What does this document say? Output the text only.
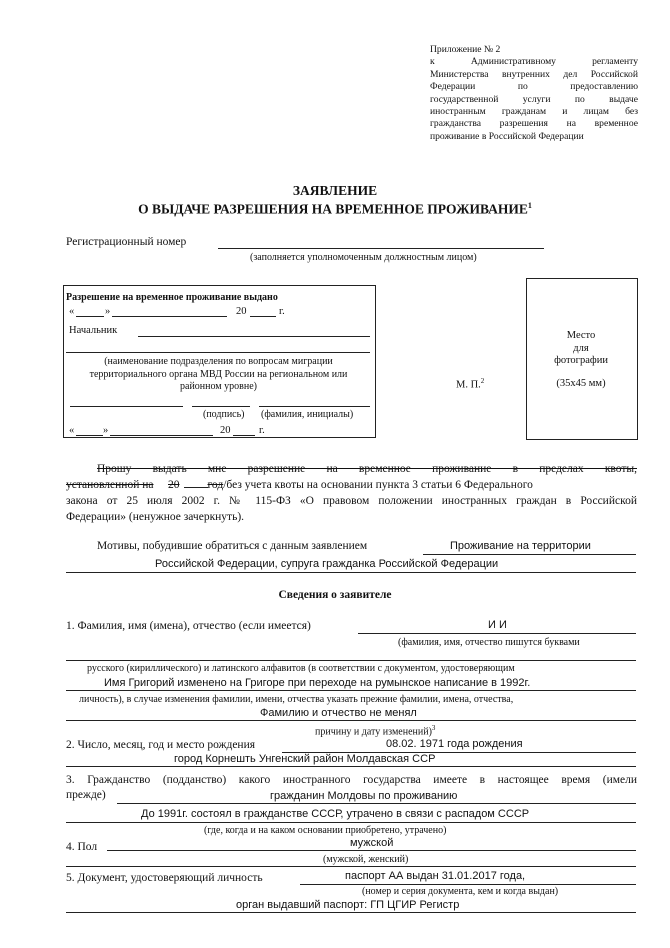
Приложение № 2
к Административному регламенту
Министерства внутренних дел Российской
Федерации по предоставлению
государственной услуги по выдаче
иностранным гражданам и лицам без
гражданства разрешения на временное
проживание в Российской Федерации
ЗАЯВЛЕНИЕ
О ВЫДАЧЕ РАЗРЕШЕНИЯ НА ВРЕМЕННОЕ ПРОЖИВАНИЕ$^1$
Регистрационный номер
(заполняется уполномоченным должностным лицом)
Разрешение на временное проживание выдано
«	»	20	г.
Начальник
(наименование подразделения по вопросам миграции
территориального органа МВД России на региональном или
районном уровне)
(подпись) (фамилия, инициалы)
«	»	20	г.
М. П.$^2$
Место
для
фотографии
(35х45 мм)
Прошу выдать мне разрешение на временное проживание в пределах квоты,
установленной на 20 год/без учета квоты на основании пункта 3 статьи 6 Федерального
закона от 25 июля 2002 г. № 115-ФЗ «О правовом положении иностранных граждан в Российской
Федерации» (ненужное зачеркнуть).
Мотивы, побудившие обратиться с данным заявлением	Проживание на территории
Российской Федерации, супруга гражданка Российской Федерации
Сведения о заявителе
1. Фамилия, имя (имена), отчество (если имеется)	И И
(фамилия, имя, отчество пишутся буквами
русского (кириллического) и латинского алфавитов (в соответствии с документом, удостоверяющим
Имя Григорий изменено на Григоре при переходе на румынское написание в 1992г.
личность), в случае изменения фамилии, имени, отчества указать прежние фамилии, имена, отчества,
Фамилию и отчество не менял
причину и дату изменений)$^3$
2. Число, месяц, год и место рождения	08.02. 1971 года рождения
город Корнешть Унгенский район Молдавская ССР
3. Гражданство (подданство) какого иностранного государства имеете в настоящее время (имели
прежде)	гражданин Молдовы по проживанию
До 1991г. состоял в гражданстве СССР, утрачено в связи с распадом СССР
(где, когда и на каком основании приобретено, утрачено)
4. Пол	мужской
(мужской, женский)
5. Документ, удостоверяющий личность	паспорт АА выдан 31.01.2017 года,
(номер и серия документа, кем и когда выдан)
орган выдавший паспорт: ГП ЦГИР Регистр
